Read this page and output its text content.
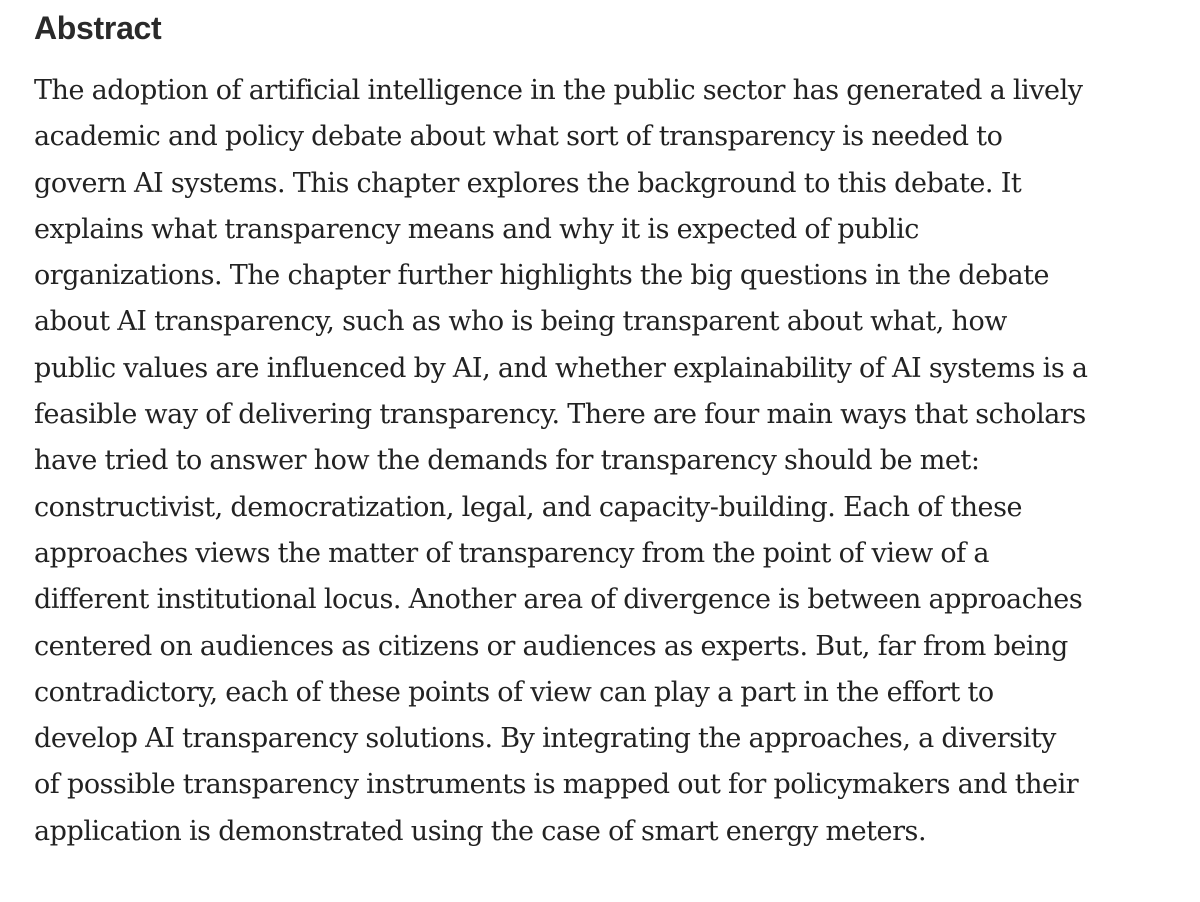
Abstract

The adoption of artificial intelligence in the public sector has generated a lively
academic and policy debate about what sort of transparency is needed to
govern AI systems. This chapter explores the background to this debate. It
explains what transparency means and why it is expected of public
organizations. The chapter further highlights the big questions in the debate
about AI transparency, such as who is being transparent about what, how
public values are influenced by AI, and whether explainability of AI systems is a
feasible way of delivering transparency. There are four main ways that scholars
have tried to answer how the demands for transparency should be met:
constructivist, democratization, legal, and capacity-building. Each of these
approaches views the matter of transparency from the point of view of a
different institutional locus. Another area of divergence is between approaches
centered on audiences as citizens or audiences as experts. But, far from being
contradictory, each of these points of view can play a part in the effort to
develop AI transparency solutions. By integrating the approaches, a diversity
of possible transparency instruments is mapped out for policymakers and their
application is demonstrated using the case of smart energy meters.
